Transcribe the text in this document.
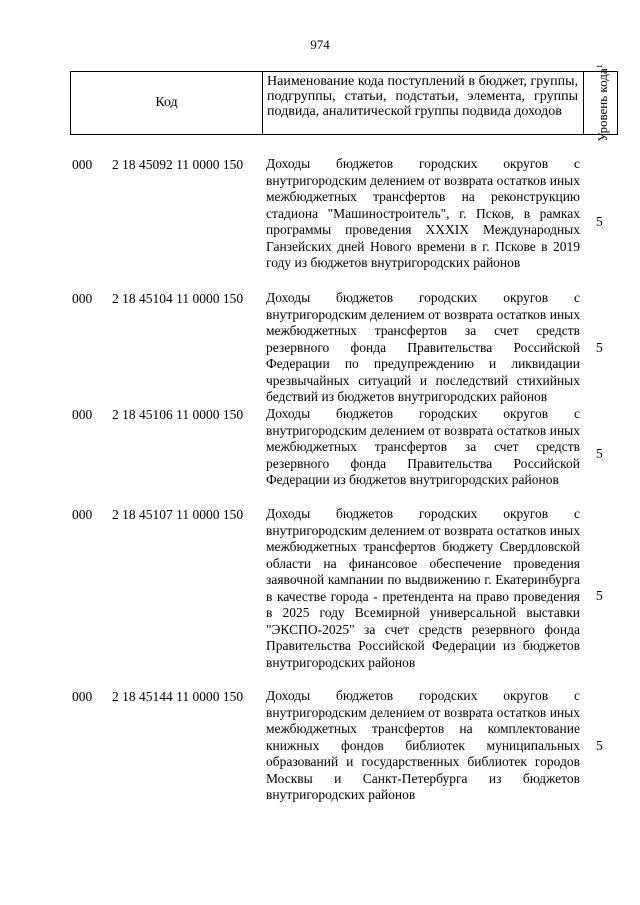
974
Код
Наименование кода поступлений в бюджет, группы, подгруппы, статьи, подстатьи, элемента, группы подвида, аналитической группы подвида доходов	Уровень кода$^1$
000 2 18 45092 11 0000 150 Доходы бюджетов городских округов с внутригородским делением от возврата остатков иных межбюджетных трансфертов на реконструкцию стадиона "Машиностроитель", г. Псков, в рамках программы проведения XXXIX Международных Ганзейских дней Нового времени в г. Пскове в 2019 году из бюджетов внутригородских районов
5
000 2 18 45104 11 0000 150 Доходы бюджетов городских округов с внутригородским делением от возврата остатков иных межбюджетных трансфертов за счет средств резервного фонда Правительства Российской Федерации по предупреждению и ликвидации чрезвычайных ситуаций и последствий стихийных бедствий из бюджетов внутригородских районов
5
000 2 18 45106 11 0000 150 Доходы бюджетов городских округов с внутригородским делением от возврата остатков иных межбюджетных трансфертов за счет средств резервного фонда Правительства Российской Федерации из бюджетов внутригородских районов
5
000 2 18 45107 11 0000 150 Доходы бюджетов городских округов с внутригородским делением от возврата остатков иных межбюджетных трансфертов бюджету Свердловской области на финансовое обеспечение проведения заявочной кампании по выдвижению г. Екатеринбурга в качестве города - претендента на право проведения в 2025 году Всемирной универсальной выставки "ЭКСПО-2025" за счет средств резервного фонда Правительства Российской Федерации из бюджетов внутригородских районов
5
000 2 18 45144 11 0000 150 Доходы бюджетов городских округов с внутригородским делением от возврата остатков иных межбюджетных трансфертов на комплектование книжных фондов библиотек муниципальных образований и государственных библиотек городов Москвы и Санкт-Петербурга из бюджетов внутригородских районов
5
